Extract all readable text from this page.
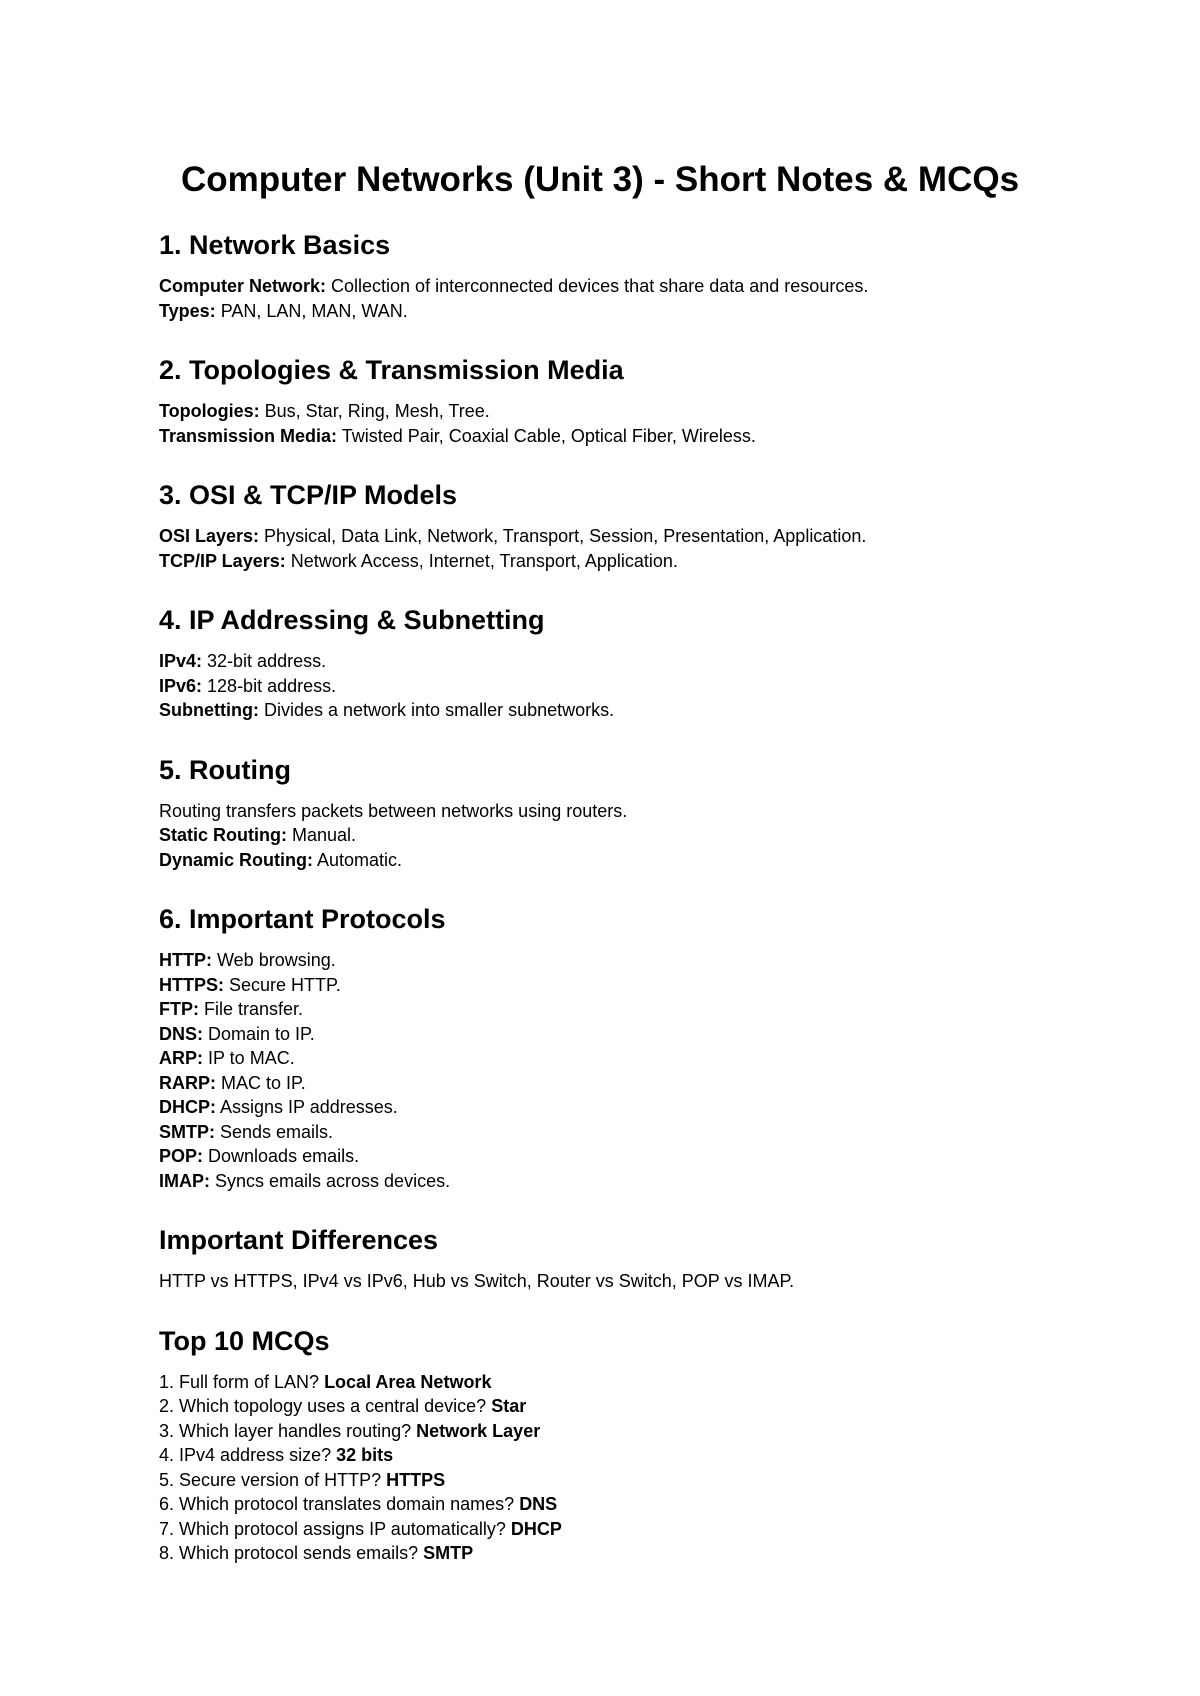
Computer Networks (Unit 3) - Short Notes & MCQs
1. Network Basics

Computer Network: Collection of interconnected devices that share data and resources.

Types: PAN, LAN, MAN, WAN.

2. Topologies & Transmission Media

Topologies: Bus, Star, Ring, Mesh, Tree.

Transmission Media: Twisted Pair, Coaxial Cable, Optical Fiber, Wireless.

3. OSI & TCP/IP Models

OSI Layers: Physical, Data Link, Network, Transport, Session, Presentation, Application.

TCP/IP Layers: Network Access, Internet, Transport, Application.

4. IP Addressing & Subnetting

IPv4: 32-bit address.

IPv6: 128-bit address.

Subnetting: Divides a network into smaller subnetworks.

5. Routing

Routing transfers packets between networks using routers.

Static Routing: Manual.

Dynamic Routing: Automatic.

6. Important Protocols

HTTP: Web browsing.

HTTPS: Secure HTTP.

FTP: File transfer.

DNS: Domain to IP.

ARP: IP to MAC.

RARP: MAC to IP.

DHCP: Assigns IP addresses.

SMTP: Sends emails.

POP: Downloads emails.

IMAP: Syncs emails across devices.

Important Differences

HTTP vs HTTPS, IPv4 vs IPv6, Hub vs Switch, Router vs Switch, POP vs IMAP.

Top 10 MCQs

1. Full form of LAN? Local Area Network

2. Which topology uses a central device? Star

3. Which layer handles routing? Network Layer

4. IPv4 address size? 32 bits

5. Secure version of HTTP? HTTPS

6. Which protocol translates domain names? DNS

7. Which protocol assigns IP automatically? DHCP

8. Which protocol sends emails? SMTP
